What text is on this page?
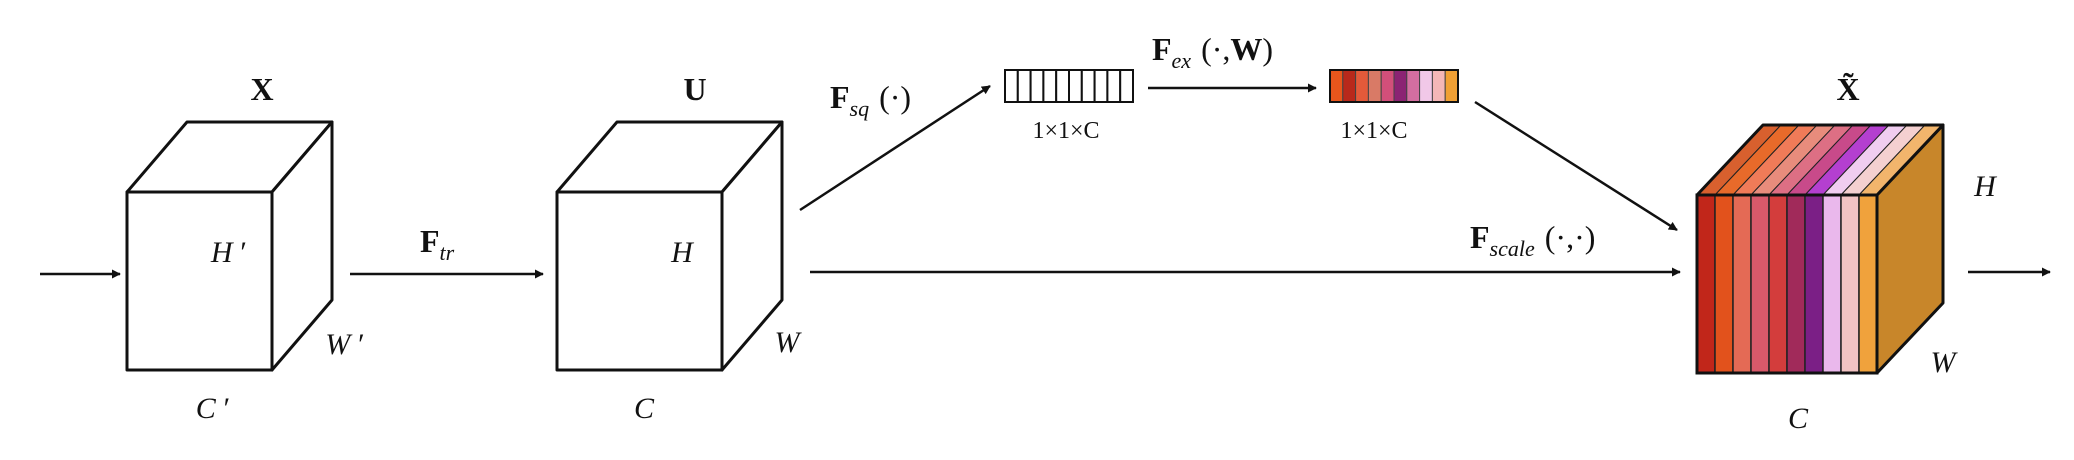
X
H ′
W ′
C ′
$F_{tr}$
U
H
W
C
$F_{sq}$ (·)
1×1×C
$F_{ex}$ (·,W)
1×1×C
$F_{scale}$ (·,·)
X̃
H
W
C
